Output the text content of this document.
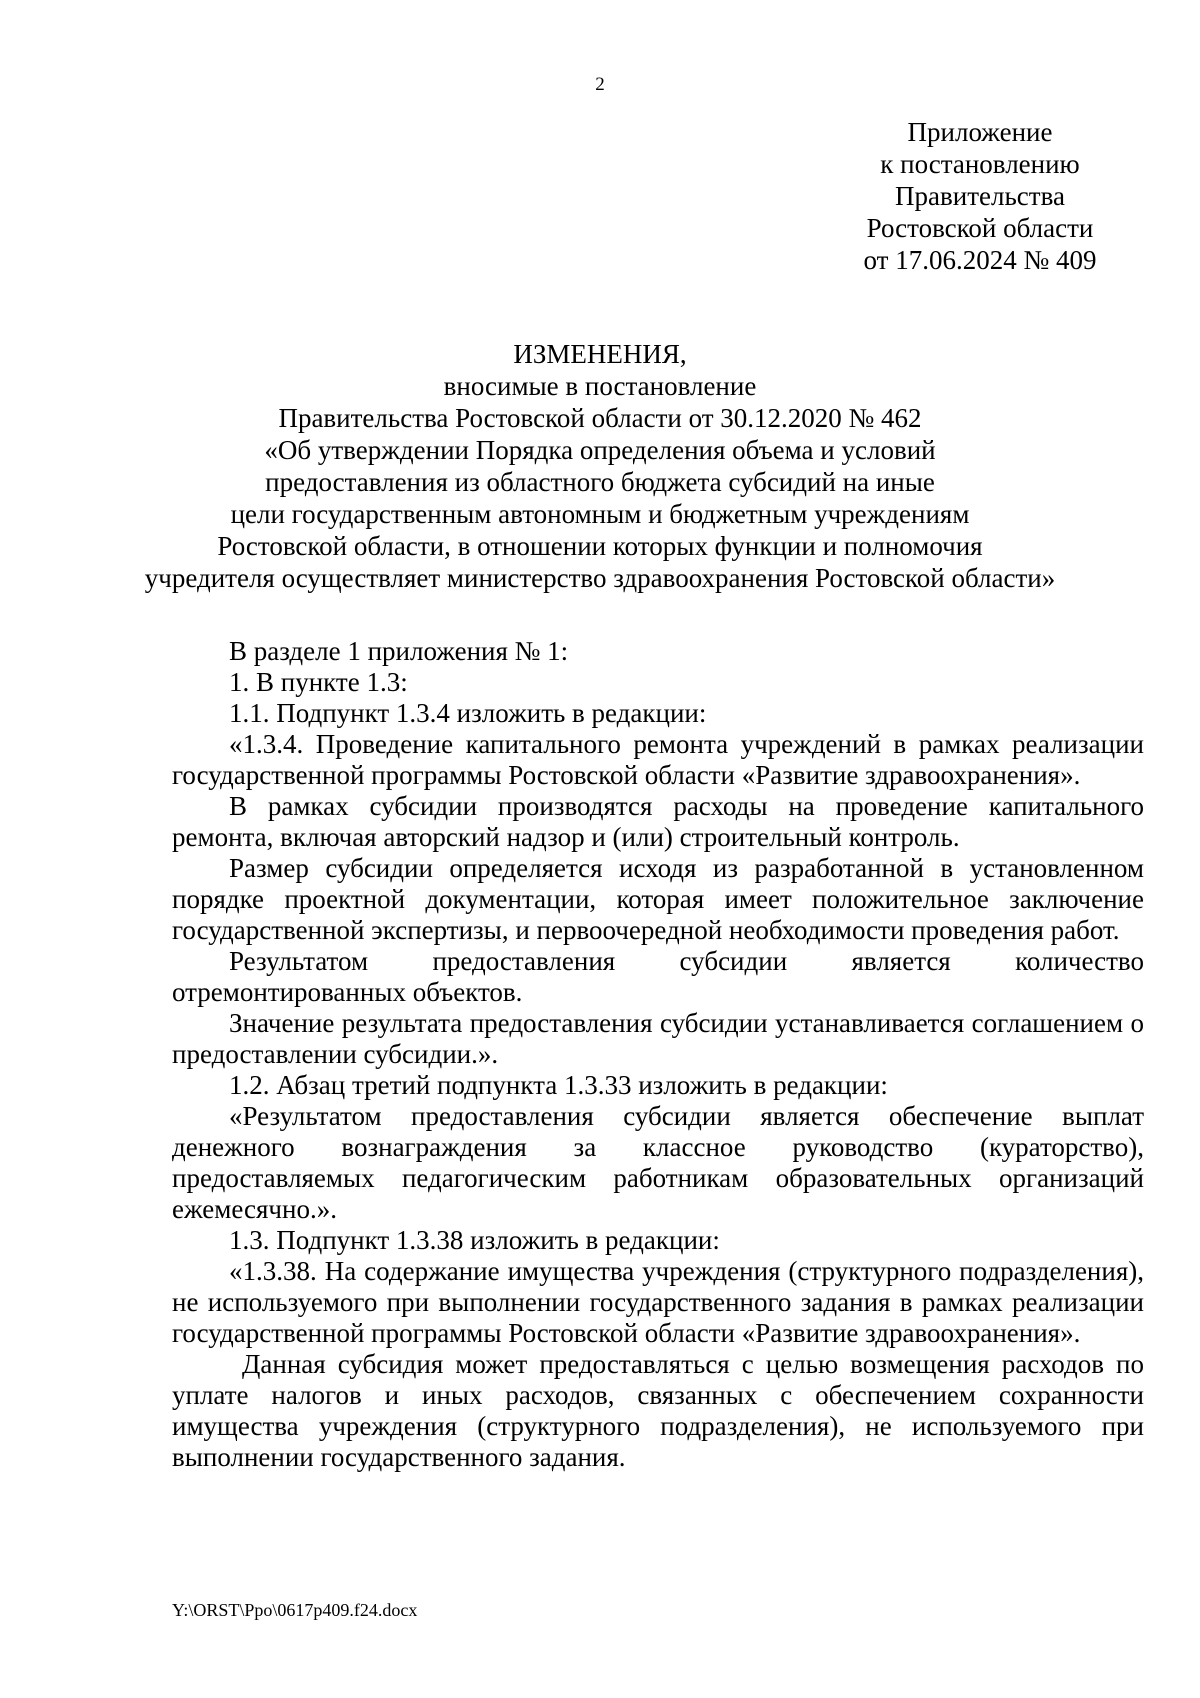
2
Приложение
к постановлению
Правительства
Ростовской области
от 17.06.2024 № 409
ИЗМЕНЕНИЯ,
вносимые в постановление
Правительства Ростовской области от 30.12.2020 № 462
«Об утверждении Порядка определения объема и условий
предоставления из областного бюджета субсидий на иные
цели государственным автономным и бюджетным учреждениям
Ростовской области, в отношении которых функции и полномочия
учредителя осуществляет министерство здравоохранения Ростовской области»

В разделе 1 приложения № 1:

1. В пункте 1.3:

1.1. Подпункт 1.3.4 изложить в редакции:

«1.3.4. Проведение капитального ремонта учреждений в рамках реализации государственной программы Ростовской области «Развитие здравоохранения».

В рамках субсидии производятся расходы на проведение капитального ремонта, включая авторский надзор и (или) строительный контроль.

Размер субсидии определяется исходя из разработанной в установленном порядке проектной документации, которая имеет положительное заключение государственной экспертизы, и первоочередной необходимости проведения работ.

Результатом предоставления субсидии является количество отремонтированных объектов.

Значение результата предоставления субсидии устанавливается соглашением о предоставлении субсидии.».

1.2. Абзац третий подпункта 1.3.33 изложить в редакции:

«Результатом предоставления субсидии является обеспечение выплат денежного вознаграждения за классное руководство (кураторство), предоставляемых педагогическим работникам образовательных организаций ежемесячно.».

1.3. Подпункт 1.3.38 изложить в редакции:

«1.3.38. На содержание имущества учреждения (структурного подразделения), не используемого при выполнении государственного задания в рамках реализации государственной программы Ростовской области «Развитие здравоохранения».

Данная субсидия может предоставляться с целью возмещения расходов по уплате налогов и иных расходов, связанных с обеспечением сохранности имущества учреждения (структурного подразделения), не используемого при выполнении государственного задания.

Y:\ORST\Ppo\0617p409.f24.docx
